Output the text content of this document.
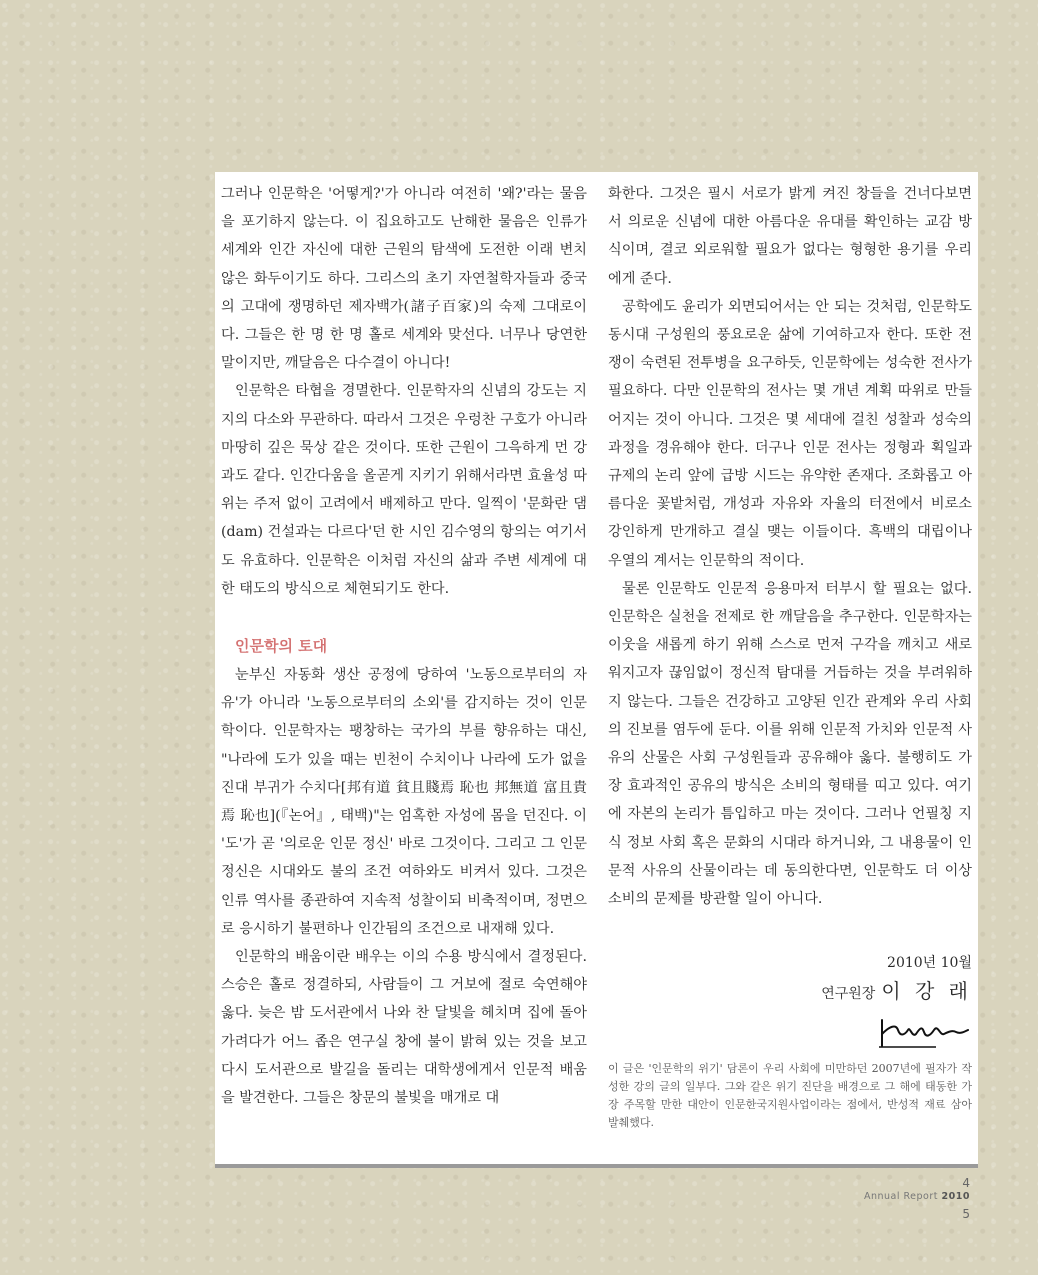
그러나 인문학은 '어떻게?'가 아니라 여전히 '왜?'라는 물음을 포기하지 않는다. 이 집요하고도 난해한 물음은 인류가 세계와 인간 자신에 대한 근원의 탐색에 도전한 이래 변치 않은 화두이기도 하다. 그리스의 초기 자연철학자들과 중국의 고대에 쟁명하던 제자백가(諸子百家)의 숙제 그대로이다. 그들은 한 명 한 명 홀로 세계와 맞선다. 너무나 당연한 말이지만, 깨달음은 다수결이 아니다!

인문학은 타협을 경멸한다. 인문학자의 신념의 강도는 지지의 다소와 무관하다. 따라서 그것은 우렁찬 구호가 아니라 마땅히 깊은 묵상 같은 것이다. 또한 근원이 그윽하게 먼 강과도 같다. 인간다움을 올곧게 지키기 위해서라면 효율성 따위는 주저 없이 고려에서 배제하고 만다. 일찍이 '문화란 댐(dam) 건설과는 다르다'던 한 시인 김수영의 항의는 여기서도 유효하다. 인문학은 이처럼 자신의 삶과 주변 세계에 대한 태도의 방식으로 체현되기도 한다.

인문학의 토대

눈부신 자동화 생산 공정에 당하여 '노동으로부터의 자유'가 아니라 '노동으로부터의 소외'를 감지하는 것이 인문학이다. 인문학자는 팽창하는 국가의 부를 향유하는 대신, "나라에 도가 있을 때는 빈천이 수치이나 나라에 도가 없을진대 부귀가 수치다[邦有道 貧且賤焉 恥也 邦無道 富且貴焉 恥也](『논어』, 태백)"는 엄혹한 자성에 몸을 던진다. 이 '도'가 곧 '의로운 인문 정신' 바로 그것이다. 그리고 그 인문 정신은 시대와도 불의 조건 여하와도 비켜서 있다. 그것은 인류 역사를 종관하여 지속적 성찰이되 비축적이며, 정면으로 응시하기 불편하나 인간됨의 조건으로 내재해 있다.

인문학의 배움이란 배우는 이의 수용 방식에서 결정된다. 스승은 홀로 정결하되, 사람들이 그 거보에 절로 숙연해야 옳다. 늦은 밤 도서관에서 나와 찬 달빛을 헤치며 집에 돌아가려다가 어느 좁은 연구실 창에 불이 밝혀 있는 것을 보고 다시 도서관으로 발길을 돌리는 대학생에게서 인문적 배움을 발견한다. 그들은 창문의 불빛을 매개로 대

화한다. 그것은 필시 서로가 밝게 켜진 창들을 건너다보면서 의로운 신념에 대한 아름다운 유대를 확인하는 교감 방식이며, 결코 외로워할 필요가 없다는 형형한 용기를 우리에게 준다.

공학에도 윤리가 외면되어서는 안 되는 것처럼, 인문학도 동시대 구성원의 풍요로운 삶에 기여하고자 한다. 또한 전쟁이 숙련된 전투병을 요구하듯, 인문학에는 성숙한 전사가 필요하다. 다만 인문학의 전사는 몇 개년 계획 따위로 만들어지는 것이 아니다. 그것은 몇 세대에 걸친 성찰과 성숙의 과정을 경유해야 한다. 더구나 인문 전사는 정형과 획일과 규제의 논리 앞에 급방 시드는 유약한 존재다. 조화롭고 아름다운 꽃밭처럼, 개성과 자유와 자율의 터전에서 비로소 강인하게 만개하고 결실 맺는 이들이다. 흑백의 대립이나 우열의 계서는 인문학의 적이다.

물론 인문학도 인문적 응용마저 터부시 할 필요는 없다. 인문학은 실천을 전제로 한 깨달음을 추구한다. 인문학자는 이웃을 새롭게 하기 위해 스스로 먼저 구각을 깨치고 새로워지고자 끊임없이 정신적 탐대를 거듭하는 것을 부려워하지 않는다. 그들은 건강하고 고양된 인간 관계와 우리 사회의 진보를 염두에 둔다. 이를 위해 인문적 가치와 인문적 사유의 산물은 사회 구성원들과 공유해야 옳다. 불행히도 가장 효과적인 공유의 방식은 소비의 형태를 띠고 있다. 여기에 자본의 논리가 틈입하고 마는 것이다. 그러나 언필칭 지식 정보 사회 혹은 문화의 시대라 하거니와, 그 내용물이 인문적 사유의 산물이라는 데 동의한다면, 인문학도 더 이상 소비의 문제를 방관할 일이 아니다.

2010년 10월
연구원장 이 강 래
이 글은 '인문학의 위기' 담론이 우리 사회에 미만하던 2007년에 필자가 작성한 강의 글의 일부다. 그와 같은 위기 진단을 배경으로 그 해에 태동한 가장 주목할 만한 대안이 인문한국지원사업이라는 점에서, 반성적 재료 삼아 발췌했다.
4
Annual Report 2010
5
